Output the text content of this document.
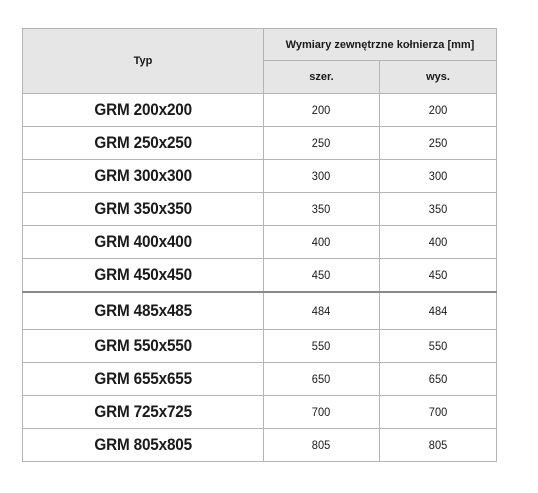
Typ	Wymiary zewnętrzne kołnierza [mm]	
	szer.	wys.
GRM 200x200	200	200
GRM 250x250	250	250
GRM 300x300	300	300
GRM 350x350	350	350
GRM 400x400	400	400
GRM 450x450	450	450
GRM 485x485	484	484
GRM 550x550	550	550
GRM 655x655	650	650
GRM 725x725	700	700
GRM 805x805	805	805
